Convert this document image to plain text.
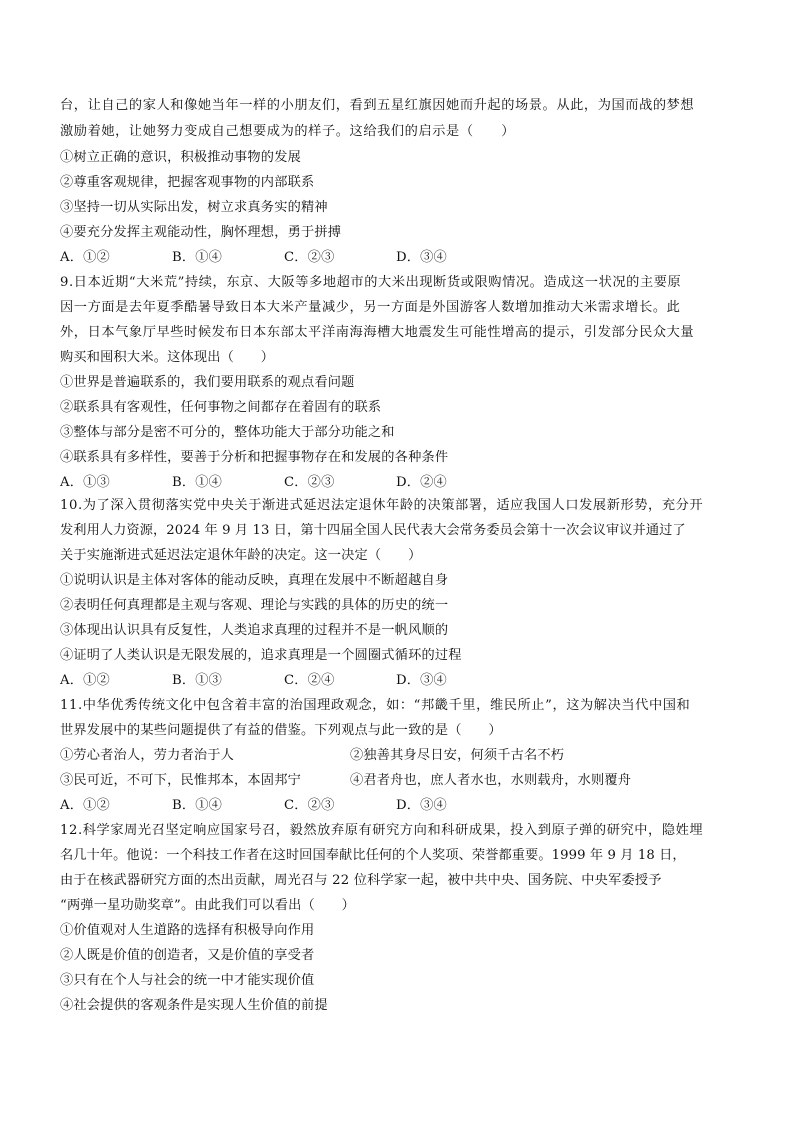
台，让自己的家人和像她当年一样的小朋友们，看到五星红旗因她而升起的场景。从此，为国而战的梦想
激励着她，让她努力变成自己想要成为的样子。这给我们的启示是（　　）
①树立正确的意识，积极推动事物的发展
②尊重客观规律，把握客观事物的内部联系
③坚持一切从实际出发，树立求真务实的精神
④要充分发挥主观能动性，胸怀理想，勇于拼搏
A．①②	B．①④	C．②③	D．③④
9.日本近期“大米荒”持续，东京、大阪等多地超市的大米出现断货或限购情况。造成这一状况的主要原
因一方面是去年夏季酷暑导致日本大米产量减少，另一方面是外国游客人数增加推动大米需求增长。此
外，日本气象厅早些时候发布日本东部太平洋南海海槽大地震发生可能性增高的提示，引发部分民众大量
购买和囤积大米。这体现出（　　）
①世界是普遍联系的，我们要用联系的观点看问题
②联系具有客观性，任何事物之间都存在着固有的联系
③整体与部分是密不可分的，整体功能大于部分功能之和
④联系具有多样性，要善于分析和把握事物存在和发展的各种条件
A．①③	B．①④	C．②③	D．②④
10.为了深入贯彻落实党中央关于渐进式延迟法定退休年龄的决策部署，适应我国人口发展新形势，充分开
发利用人力资源，2024 年 9 月 13 日，第十四届全国人民代表大会常务委员会第十一次会议审议并通过了
关于实施渐进式延迟法定退休年龄的决定。这一决定（　　）
①说明认识是主体对客体的能动反映，真理在发展中不断超越自身
②表明任何真理都是主观与客观、理论与实践的具体的历史的统一
③体现出认识具有反复性，人类追求真理的过程并不是一帆风顺的
④证明了人类认识是无限发展的，追求真理是一个圆圈式循环的过程
A．①②	B．①③	C．②④	D．③④
11.中华优秀传统文化中包含着丰富的治国理政观念，如：“邦畿千里，维民所止”，这为解决当代中国和
世界发展中的某些问题提供了有益的借鉴。下列观点与此一致的是（　　）
①劳心者治人，劳力者治于人	②独善其身尽日安，何须千古名不朽
③民可近，不可下，民惟邦本，本固邦宁	④君者舟也，庶人者水也，水则载舟，水则覆舟
A．①②	B．①④	C．②③	D．③④
12.科学家周光召坚定响应国家号召，毅然放弃原有研究方向和科研成果，投入到原子弹的研究中，隐姓埋
名几十年。他说：一个科技工作者在这时回国奉献比任何的个人奖项、荣誉都重要。1999 年 9 月 18 日，
由于在核武器研究方面的杰出贡献，周光召与 22 位科学家一起，被中共中央、国务院、中央军委授予
“两弹一星功勋奖章”。由此我们可以看出（　　）
①价值观对人生道路的选择有积极导向作用
②人既是价值的创造者，又是价值的享受者
③只有在个人与社会的统一中才能实现价值
④社会提供的客观条件是实现人生价值的前提
